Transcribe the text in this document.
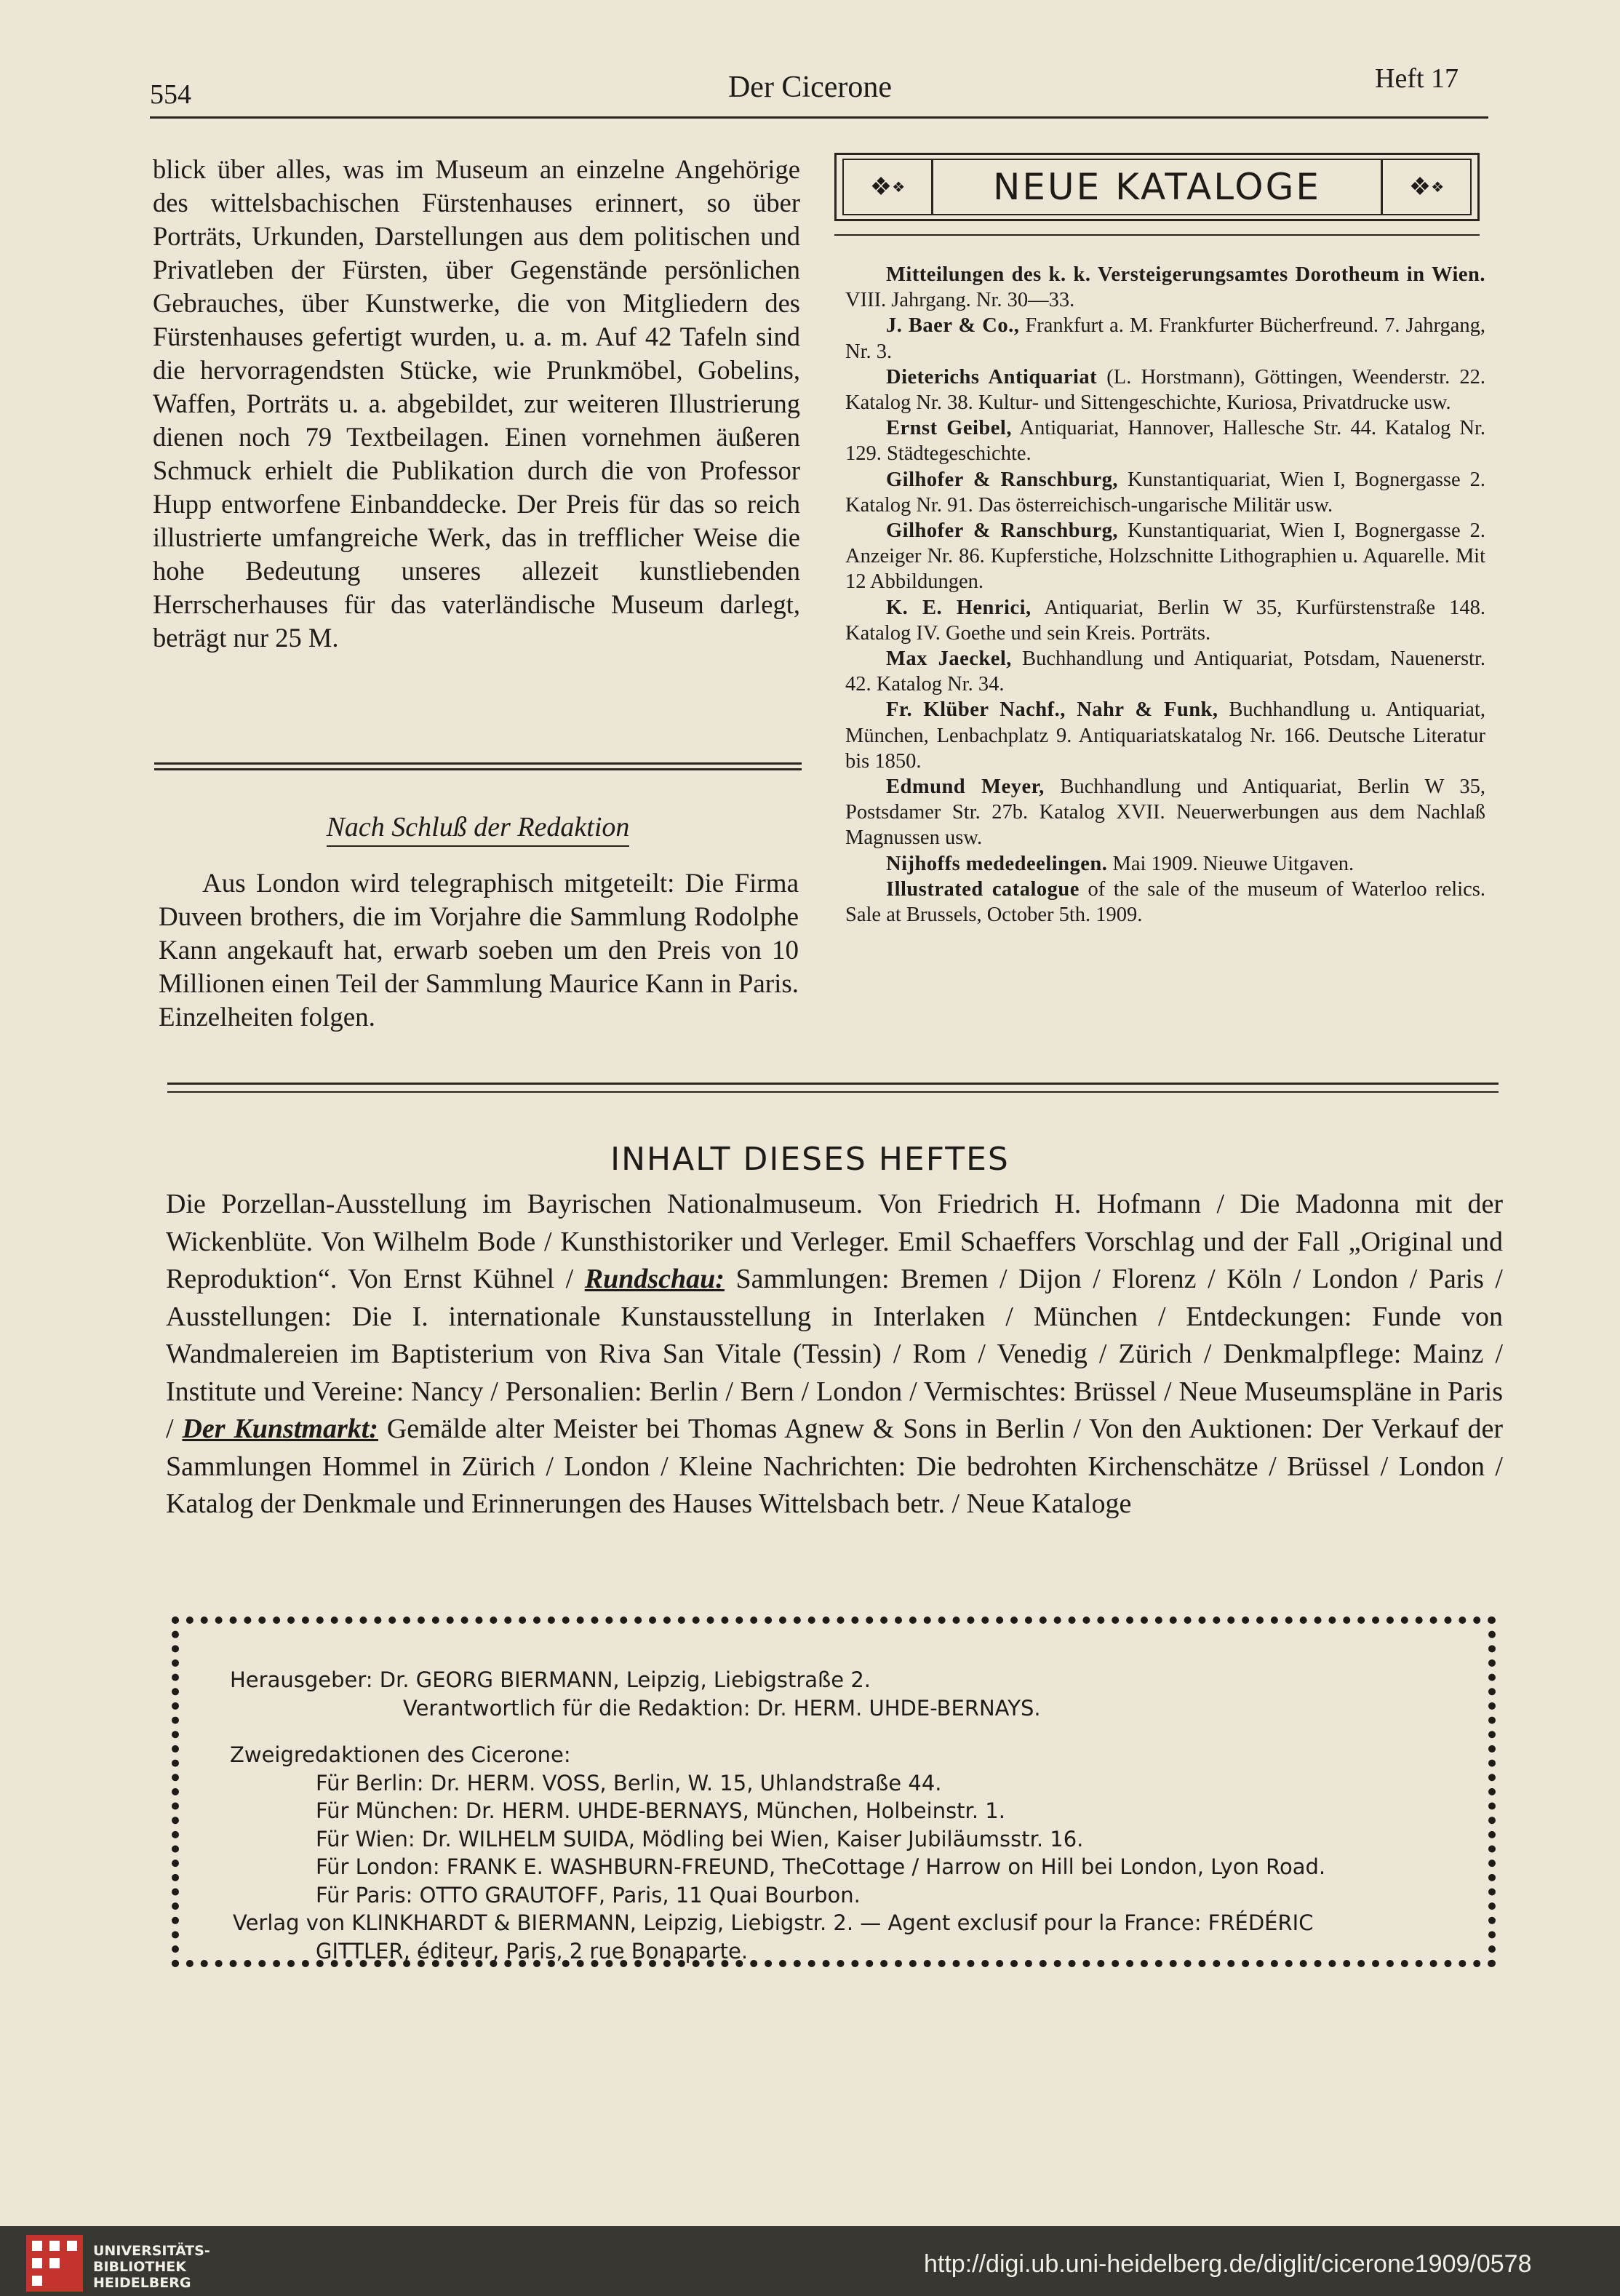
554	Der Cicerone	Heft 17

blick über alles, was im Museum an einzelne Angehörige des wittelsbachischen Fürstenhauses erinnert, so über Porträts, Urkunden, Darstellungen aus dem politischen und Privatleben der Fürsten, über Gegenstände persönlichen Gebrauches, über Kunstwerke, die von Mitgliedern des Fürstenhauses gefertigt wurden, u. a. m. Auf 42 Tafeln sind die hervorragendsten Stücke, wie Prunkmöbel, Gobelins, Waffen, Porträts u. a. abgebildet, zur weiteren Illustrierung dienen noch 79 Textbeilagen. Einen vornehmen äußeren Schmuck erhielt die Publikation durch die von Professor Hupp entworfene Einbanddecke. Der Preis für das so reich illustrierte umfangreiche Werk, das in trefflicher Weise die hohe Bedeutung unseres allezeit kunstliebenden Herrscherhauses für das vaterländische Museum darlegt, beträgt nur 25 M.

Nach Schluß der Redaktion

Aus London wird telegraphisch mitgeteilt: Die Firma Duveen brothers, die im Vorjahre die Sammlung Rodolphe Kann angekauft hat, erwarb soeben um den Preis von 10 Millionen einen Teil der Sammlung Maurice Kann in Paris. Einzelheiten folgen.

❖ ❖	NEUE KATALOGE	❖ ❖

Mitteilungen des k. k. Versteigerungsamtes Dorotheum in Wien. VIII. Jahrgang. Nr. 30—33.

J. Baer & Co., Frankfurt a. M. Frankfurter Bücherfreund. 7. Jahrgang, Nr. 3.

Dieterichs Antiquariat (L. Horstmann), Göttingen, Weenderstr. 22. Katalog Nr. 38. Kultur- und Sittengeschichte, Kuriosa, Privatdrucke usw.

Ernst Geibel, Antiquariat, Hannover, Hallesche Str. 44. Katalog Nr. 129. Städtegeschichte.

Gilhofer & Ranschburg, Kunstantiquariat, Wien I, Bognergasse 2. Katalog Nr. 91. Das österreichisch-ungarische Militär usw.

Gilhofer & Ranschburg, Kunstantiquariat, Wien I, Bognergasse 2. Anzeiger Nr. 86. Kupferstiche, Holzschnitte Lithographien u. Aquarelle. Mit 12 Abbildungen.

K. E. Henrici, Antiquariat, Berlin W 35, Kurfürstenstraße 148. Katalog IV. Goethe und sein Kreis. Porträts.

Max Jaeckel, Buchhandlung und Antiquariat, Potsdam, Nauenerstr. 42. Katalog Nr. 34.

Fr. Klüber Nachf., Nahr & Funk, Buchhandlung u. Antiquariat, München, Lenbachplatz 9. Antiquariatskatalog Nr. 166. Deutsche Literatur bis 1850.

Edmund Meyer, Buchhandlung und Antiquariat, Berlin W 35, Postsdamer Str. 27b. Katalog XVII. Neuerwerbungen aus dem Nachlaß Magnussen usw.

Nijhoffs mededeelingen. Mai 1909. Nieuwe Uitgaven.

Illustrated catalogue of the sale of the museum of Waterloo relics. Sale at Brussels, October 5th. 1909.

INHALT DIESES HEFTES
Die Porzellan-Ausstellung im Bayrischen Nationalmuseum. Von Friedrich H. Hofmann / Die Madonna mit der Wickenblüte. Von Wilhelm Bode / Kunsthistoriker und Verleger. Emil Schaeffers Vorschlag und der Fall „Original und Reproduktion“. Von Ernst Kühnel / Rundschau: Sammlungen: Bremen / Dijon / Florenz / Köln / London / Paris / Ausstellungen: Die I. internationale Kunstausstellung in Interlaken / München / Entdeckungen: Funde von Wandmalereien im Baptisterium von Riva San Vitale (Tessin) / Rom / Venedig / Zürich / Denkmalpflege: Mainz / Institute und Vereine: Nancy / Personalien: Berlin / Bern / London / Vermischtes: Brüssel / Neue Museumspläne in Paris / Der Kunstmarkt: Gemälde alter Meister bei Thomas Agnew & Sons in Berlin / Von den Auktionen: Der Verkauf der Sammlungen Hommel in Zürich / London / Kleine Nachrichten: Die bedrohten Kirchenschätze / Brüssel / London / Katalog der Denkmale und Erinnerungen des Hauses Wittelsbach betr. / Neue Kataloge
Herausgeber: Dr. GEORG BIERMANN, Leipzig, Liebigstraße 2.
Verantwortlich für die Redaktion: Dr. HERM. UHDE-BERNAYS.
Zweigredaktionen des Cicerone:
Für Berlin: Dr. HERM. VOSS, Berlin, W. 15, Uhlandstraße 44.
Für München: Dr. HERM. UHDE-BERNAYS, München, Holbeinstr. 1.
Für Wien: Dr. WILHELM SUIDA, Mödling bei Wien, Kaiser Jubiläumsstr. 16.
Für London: FRANK E. WASHBURN-FREUND, TheCottage / Harrow on Hill bei London, Lyon Road.
Für Paris: OTTO GRAUTOFF, Paris, 11 Quai Bourbon.
Verlag von KLINKHARDT & BIERMANN, Leipzig, Liebigstr. 2. — Agent exclusif pour la France: FRÉDÉRIC
GITTLER, éditeur, Paris, 2 rue Bonaparte.
UNIVERSITÄTS-
BIBLIOTHEK
HEIDELBERG
http://digi.ub.uni-heidelberg.de/diglit/cicerone1909/0578
